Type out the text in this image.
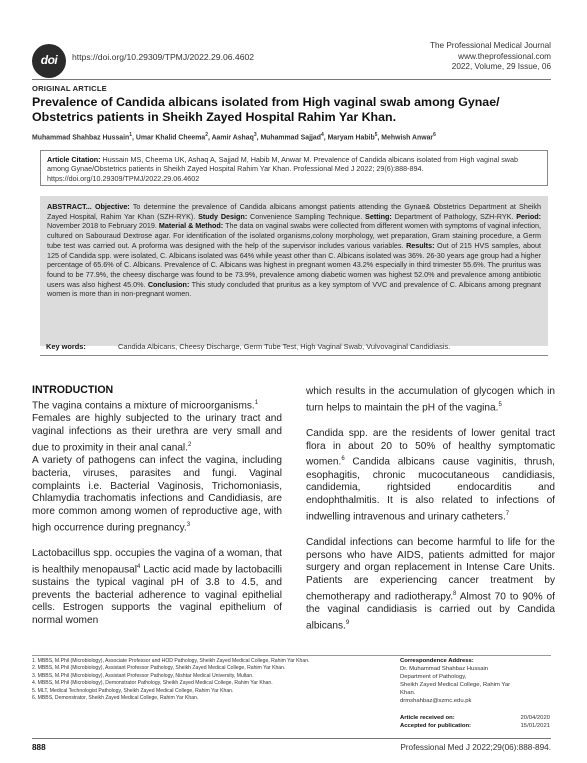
doi	https://doi.org/10.29309/TPMJ/2022.29.06.4602
The Professional Medical Journal
www.theprofessional.com
2022, Volume, 29 Issue, 06
ORIGINAL ARTICLE
Prevalence of Candida albicans isolated from High vaginal swab among Gynae/ Obstetrics patients in Sheikh Zayed Hospital Rahim Yar Khan.
Muhammad Shahbaz Hussain$^1$, Umar Khalid Cheema$^2$, Aamir Ashaq$^3$, Muhammad Sajjad$^4$, Maryam Habib$^5$, Mehwish Anwar$^6$
Article Citation: Hussain MS, Cheema UK, Ashaq A, Sajjad M, Habib M, Anwar M. Prevalence of Candida albicans isolated from High vaginal swab among Gynae/Obstetrics patients in Sheikh Zayed Hospital Rahim Yar Khan. Professional Med J 2022; 29(6):888-894. https://doi.org/10.29309/TPMJ/2022.29.06.4602
ABSTRACT... Objective: To determine the prevalence of Candida albicans amongst patients attending the Gynae& Obstetrics Department at Sheikh Zayed Hospital, Rahim Yar Khan (SZH-RYK). Study Design: Convenience Sampling Technique. Setting: Department of Pathology, SZH-RYK. Period: November 2018 to February 2019. Material & Method: The data on vaginal swabs were collected from different women with symptoms of vaginal infection, cultured on Sabouraud Dextrose agar. For identification of the isolated organisms,colony morphology, wet preparation, Gram staining procedure, a Germ tube test was carried out. A proforma was designed with the help of the supervisor includes various variables. Results: Out of 215 HVS samples, about 125 of Candida spp. were isolated, C. Albicans isolated was 64% while yeast other than C. Albicans isolated was 36%. 26-30 years age group had a higher percentage of 65.6% of C. Albicans. Prevalence of C. Albicans was highest in pregnant women 43.2% especially in third trimester 55.6%. The pruritus was found to be 77.9%, the cheesy discharge was found to be 73.9%, prevalence among diabetic women was highest 52.0% and prevalence among antibiotic users was also highest 45.0%. Conclusion: This study concluded that pruritus as a key symptom of VVC and prevalence of C. Albicans among pregnant women is more than in non-pregnant women.
Key words:	Candida Albicans, Cheesy Discharge, Germ Tube Test, High Vaginal Swab, Vulvovaginal Candidiasis.
INTRODUCTION

The vagina contains a mixture of microorganisms.$^1$

Females are highly subjected to the urinary tract and vaginal infections as their urethra are very small and due to proximity in their anal canal.$^2$

A variety of pathogens can infect the vagina, including bacteria, viruses, parasites and fungi. Vaginal complaints i.e. Bacterial Vaginosis, Trichomoniasis, Chlamydia trachomatis infections and Candidiasis, are more common among women of reproductive age, with high occurrence during pregnancy.$^3$

Lactobacillus spp. occupies the vagina of a woman, that is healthily menopausal$^4$ Lactic acid made by lactobacilli sustains the typical vaginal pH of 3.8 to 4.5, and prevents the bacterial adherence to vaginal epithelial cells. Estrogen supports the vaginal epithelium of normal women

which results in the accumulation of glycogen which in turn helps to maintain the pH of the vagina.$^5$

Candida spp. are the residents of lower genital tract flora in about 20 to 50% of healthy symptomatic women.$^6$ Candida albicans cause vaginitis, thrush, esophagitis, chronic mucocutaneous candidiasis, candidemia, rightsided endocarditis and endophthalmitis. It is also related to infections of indwelling intravenous and urinary catheters.$^7$

Candidal infections can become harmful to life for the persons who have AIDS, patients admitted for major surgery and organ replacement in Intense Care Units. Patients are experiencing cancer treatment by chemotherapy and radiotherapy.$^8$ Almost 70 to 90% of the vaginal candidiasis is carried out by Candida albicans.$^9$

1. MBBS, M.Phil (Microbiology), Associate Professor and HOD Pathology, Sheikh Zayed Medical College, Rahim Yar Khan.
2. MBBS, M.Phil (Microbiology), Assistant Professor Pathology, Sheikh Zayed Medical College, Rahim Yar Khan.
3. MBBS, M.Phil (Microbiology), Assistant Professor Pathology, Nishtar Medical University, Multan.
4. MBBS, M.Phil (Microbiology), Demonstrator Pathology, Sheikh Zayed Medical College, Rahim Yar Khan.
5. MLT, Medical Technologist Pathology, Sheikh Zayed Medical College, Rahim Yar Khan.
6. MBBS, Demonstrator, Sheikh Zayed Medical College, Rahim Yar Khan.
Correspondence Address:
Dr. Muhammad Shahbaz Hussain
Department of Pathology,
Sheikh Zayed Medical College, Rahim Yar
Khan.
drmshahbaz@szmc.edu.pk
Article received on:	20/04/2020
Accepted for publication:	15/01/2021
888	Professional Med J 2022;29(06):888-894.
